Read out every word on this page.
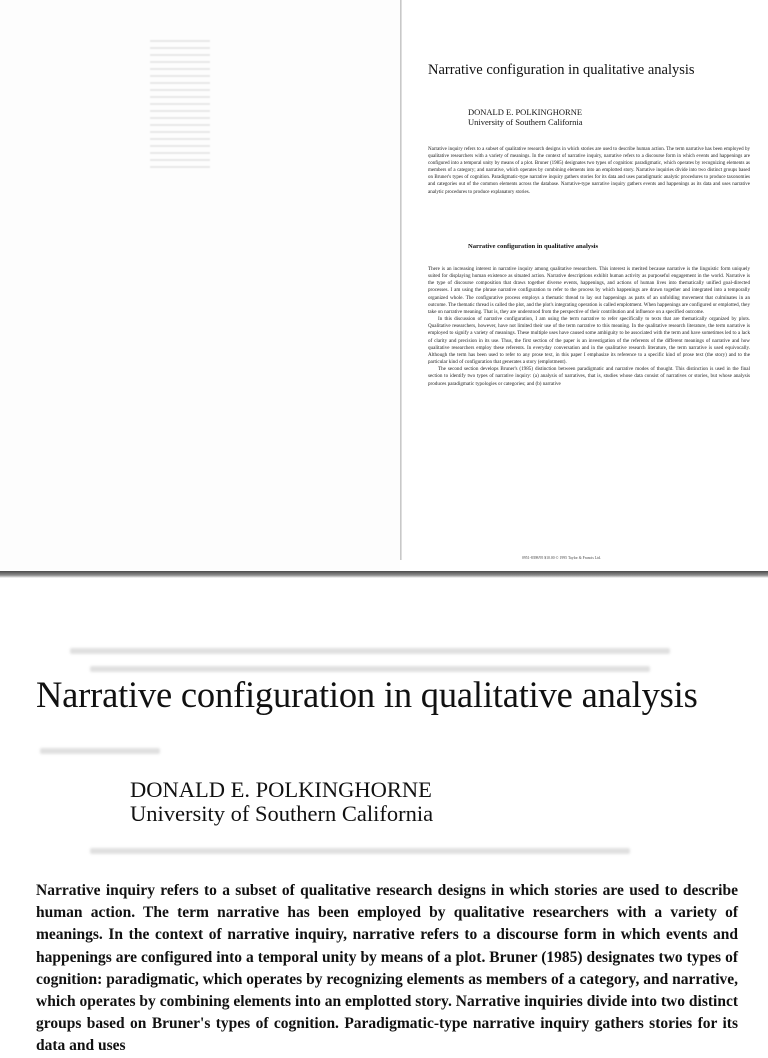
Narrative configuration in qualitative analysis
DONALD E. POLKINGHORNE
University of Southern California
Narrative inquiry refers to a subset of qualitative research designs in which stories are used to describe human action. The term narrative has been employed by qualitative researchers with a variety of meanings. In the context of narrative inquiry, narrative refers to a discourse form in which events and happenings are configured into a temporal unity by means of a plot. Bruner (1985) designates two types of cognition: paradigmatic, which operates by recognizing elements as members of a category; and narrative, which operates by combining elements into an emplotted story. Narrative inquiries divide into two distinct groups based on Bruner's types of cognition. Paradigmatic-type narrative inquiry gathers stories for its data and uses paradigmatic analytic procedures to produce taxonomies and categories out of the common elements across the database. Narrative-type narrative inquiry gathers events and happenings as its data and uses narrative analytic procedures to produce explanatory stories.
Narrative configuration in qualitative analysis

There is an increasing interest in narrative inquiry among qualitative researchers. This interest is merited because narrative is the linguistic form uniquely suited for displaying human existence as situated action. Narrative descriptions exhibit human activity as purposeful engagement in the world. Narrative is the type of discourse composition that draws together diverse events, happenings, and actions of human lives into thematically unified goal-directed processes. I am using the phrase narrative configuration to refer to the process by which happenings are drawn together and integrated into a temporally organized whole. The configurative process employs a thematic thread to lay out happenings as parts of an unfolding movement that culminates in an outcome. The thematic thread is called the plot, and the plot's integrating operation is called emplotment. When happenings are configured or emplotted, they take on narrative meaning. That is, they are understood from the perspective of their contribution and influence on a specified outcome.

In this discussion of narrative configuration, I am using the term narrative to refer specifically to texts that are thematically organized by plots. Qualitative researchers, however, have not limited their use of the term narrative to this meaning. In the qualitative research literature, the term narrative is employed to signify a variety of meanings. These multiple uses have caused some ambiguity to be associated with the term and have sometimes led to a lack of clarity and precision in its use. Thus, the first section of the paper is an investigation of the referents of the different meanings of narrative and how qualitative researchers employ these referents. In everyday conversation and in the qualitative research literature, the term narrative is used equivocally. Although the term has been used to refer to any prose text, in this paper I emphasize its reference to a specific kind of prose text (the story) and to the particular kind of configuration that generates a story (emplotment).

The second section develops Bruner's (1985) distinction between paradigmatic and narrative modes of thought. This distinction is used in the final section to identify two types of narrative inquiry: (a) analysis of narratives, that is, studies whose data consist of narratives or stories, but whose analysis produces paradigmatic typologies or categories; and (b) narrative

0951-8398/95 $10.00 © 1995 Taylor & Francis Ltd.
Narrative configuration in qualitative analysis
DONALD E. POLKINGHORNE
University of Southern California
Narrative inquiry refers to a subset of qualitative research designs in which stories are used to describe human action. The term narrative has been employed by qualitative researchers with a variety of meanings. In the context of narrative inquiry, narrative refers to a discourse form in which events and happenings are configured into a temporal unity by means of a plot. Bruner (1985) designates two types of cognition: paradigmatic, which operates by recognizing elements as members of a category, and narrative, which operates by combining elements into an emplotted story. Narrative inquiries divide into two distinct groups based on Bruner's types of cognition. Paradigmatic-type narrative inquiry gathers stories for its data and uses
